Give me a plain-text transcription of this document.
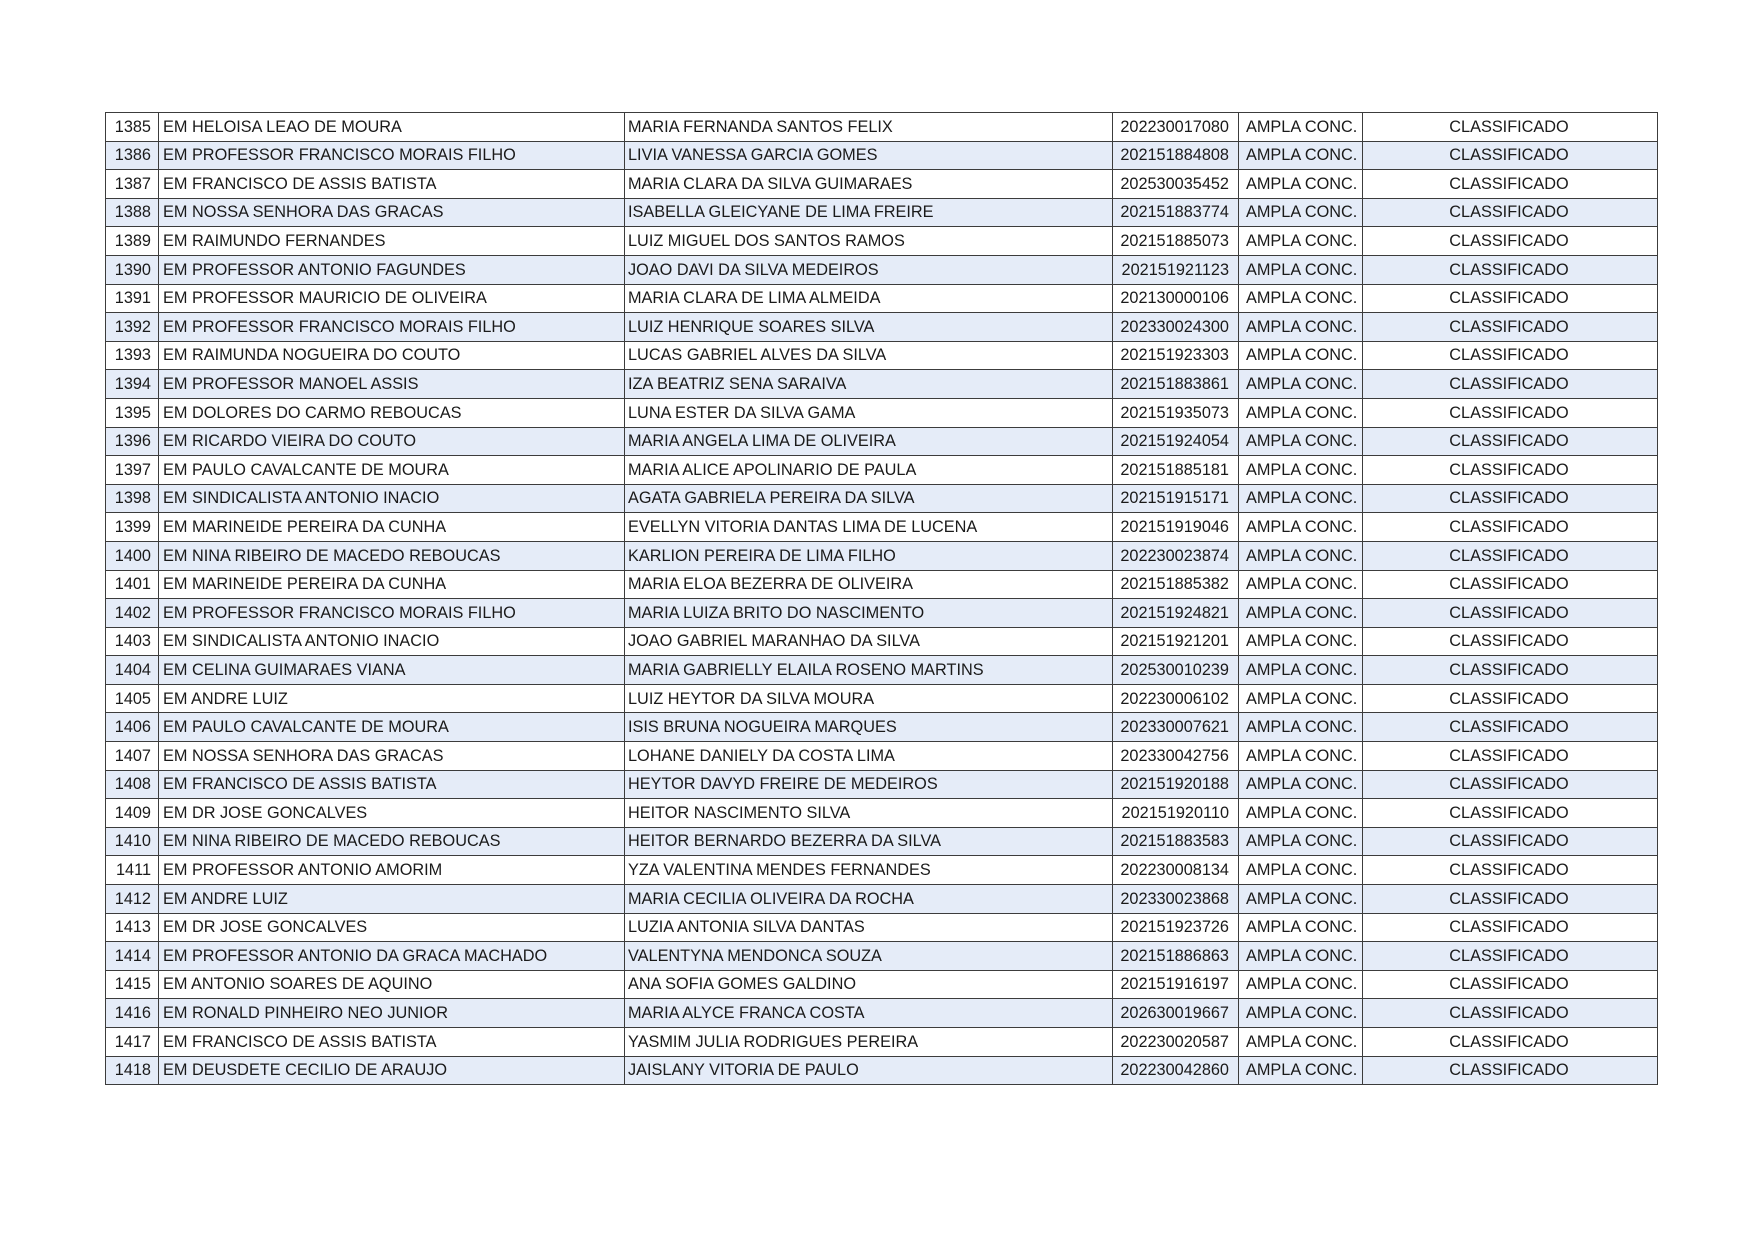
1385	EM HELOISA LEAO DE MOURA	MARIA FERNANDA SANTOS FELIX	202230017080	AMPLA CONC.	CLASSIFICADO
1386	EM PROFESSOR FRANCISCO MORAIS FILHO	LIVIA VANESSA GARCIA GOMES	202151884808	AMPLA CONC.	CLASSIFICADO
1387	EM FRANCISCO DE ASSIS BATISTA	MARIA CLARA DA SILVA GUIMARAES	202530035452	AMPLA CONC.	CLASSIFICADO
1388	EM NOSSA SENHORA DAS GRACAS	ISABELLA GLEICYANE DE LIMA FREIRE	202151883774	AMPLA CONC.	CLASSIFICADO
1389	EM RAIMUNDO FERNANDES	LUIZ MIGUEL DOS SANTOS RAMOS	202151885073	AMPLA CONC.	CLASSIFICADO
1390	EM PROFESSOR ANTONIO FAGUNDES	JOAO DAVI DA SILVA MEDEIROS	202151921123	AMPLA CONC.	CLASSIFICADO
1391	EM PROFESSOR MAURICIO DE OLIVEIRA	MARIA CLARA DE LIMA ALMEIDA	202130000106	AMPLA CONC.	CLASSIFICADO
1392	EM PROFESSOR FRANCISCO MORAIS FILHO	LUIZ HENRIQUE SOARES SILVA	202330024300	AMPLA CONC.	CLASSIFICADO
1393	EM RAIMUNDA NOGUEIRA DO COUTO	LUCAS GABRIEL ALVES DA SILVA	202151923303	AMPLA CONC.	CLASSIFICADO
1394	EM PROFESSOR MANOEL ASSIS	IZA BEATRIZ SENA SARAIVA	202151883861	AMPLA CONC.	CLASSIFICADO
1395	EM DOLORES DO CARMO REBOUCAS	LUNA ESTER DA SILVA GAMA	202151935073	AMPLA CONC.	CLASSIFICADO
1396	EM RICARDO VIEIRA DO COUTO	MARIA ANGELA LIMA DE OLIVEIRA	202151924054	AMPLA CONC.	CLASSIFICADO
1397	EM PAULO CAVALCANTE DE MOURA	MARIA ALICE APOLINARIO DE PAULA	202151885181	AMPLA CONC.	CLASSIFICADO
1398	EM SINDICALISTA ANTONIO INACIO	AGATA GABRIELA PEREIRA DA SILVA	202151915171	AMPLA CONC.	CLASSIFICADO
1399	EM MARINEIDE PEREIRA DA CUNHA	EVELLYN VITORIA DANTAS LIMA DE LUCENA	202151919046	AMPLA CONC.	CLASSIFICADO
1400	EM NINA RIBEIRO DE MACEDO REBOUCAS	KARLION PEREIRA DE LIMA FILHO	202230023874	AMPLA CONC.	CLASSIFICADO
1401	EM MARINEIDE PEREIRA DA CUNHA	MARIA ELOA BEZERRA DE OLIVEIRA	202151885382	AMPLA CONC.	CLASSIFICADO
1402	EM PROFESSOR FRANCISCO MORAIS FILHO	MARIA LUIZA BRITO DO NASCIMENTO	202151924821	AMPLA CONC.	CLASSIFICADO
1403	EM SINDICALISTA ANTONIO INACIO	JOAO GABRIEL MARANHAO DA SILVA	202151921201	AMPLA CONC.	CLASSIFICADO
1404	EM CELINA GUIMARAES VIANA	MARIA GABRIELLY ELAILA ROSENO MARTINS	202530010239	AMPLA CONC.	CLASSIFICADO
1405	EM ANDRE LUIZ	LUIZ HEYTOR DA SILVA MOURA	202230006102	AMPLA CONC.	CLASSIFICADO
1406	EM PAULO CAVALCANTE DE MOURA	ISIS BRUNA NOGUEIRA MARQUES	202330007621	AMPLA CONC.	CLASSIFICADO
1407	EM NOSSA SENHORA DAS GRACAS	LOHANE DANIELY DA COSTA LIMA	202330042756	AMPLA CONC.	CLASSIFICADO
1408	EM FRANCISCO DE ASSIS BATISTA	HEYTOR DAVYD FREIRE DE MEDEIROS	202151920188	AMPLA CONC.	CLASSIFICADO
1409	EM DR JOSE GONCALVES	HEITOR NASCIMENTO SILVA	202151920110	AMPLA CONC.	CLASSIFICADO
1410	EM NINA RIBEIRO DE MACEDO REBOUCAS	HEITOR BERNARDO BEZERRA DA SILVA	202151883583	AMPLA CONC.	CLASSIFICADO
1411	EM PROFESSOR ANTONIO AMORIM	YZA VALENTINA MENDES FERNANDES	202230008134	AMPLA CONC.	CLASSIFICADO
1412	EM ANDRE LUIZ	MARIA CECILIA OLIVEIRA DA ROCHA	202330023868	AMPLA CONC.	CLASSIFICADO
1413	EM DR JOSE GONCALVES	LUZIA ANTONIA SILVA DANTAS	202151923726	AMPLA CONC.	CLASSIFICADO
1414	EM PROFESSOR ANTONIO DA GRACA MACHADO	VALENTYNA MENDONCA SOUZA	202151886863	AMPLA CONC.	CLASSIFICADO
1415	EM ANTONIO SOARES DE AQUINO	ANA SOFIA GOMES GALDINO	202151916197	AMPLA CONC.	CLASSIFICADO
1416	EM RONALD PINHEIRO NEO JUNIOR	MARIA ALYCE FRANCA COSTA	202630019667	AMPLA CONC.	CLASSIFICADO
1417	EM FRANCISCO DE ASSIS BATISTA	YASMIM JULIA RODRIGUES PEREIRA	202230020587	AMPLA CONC.	CLASSIFICADO
1418	EM DEUSDETE CECILIO DE ARAUJO	JAISLANY VITORIA DE PAULO	202230042860	AMPLA CONC.	CLASSIFICADO
